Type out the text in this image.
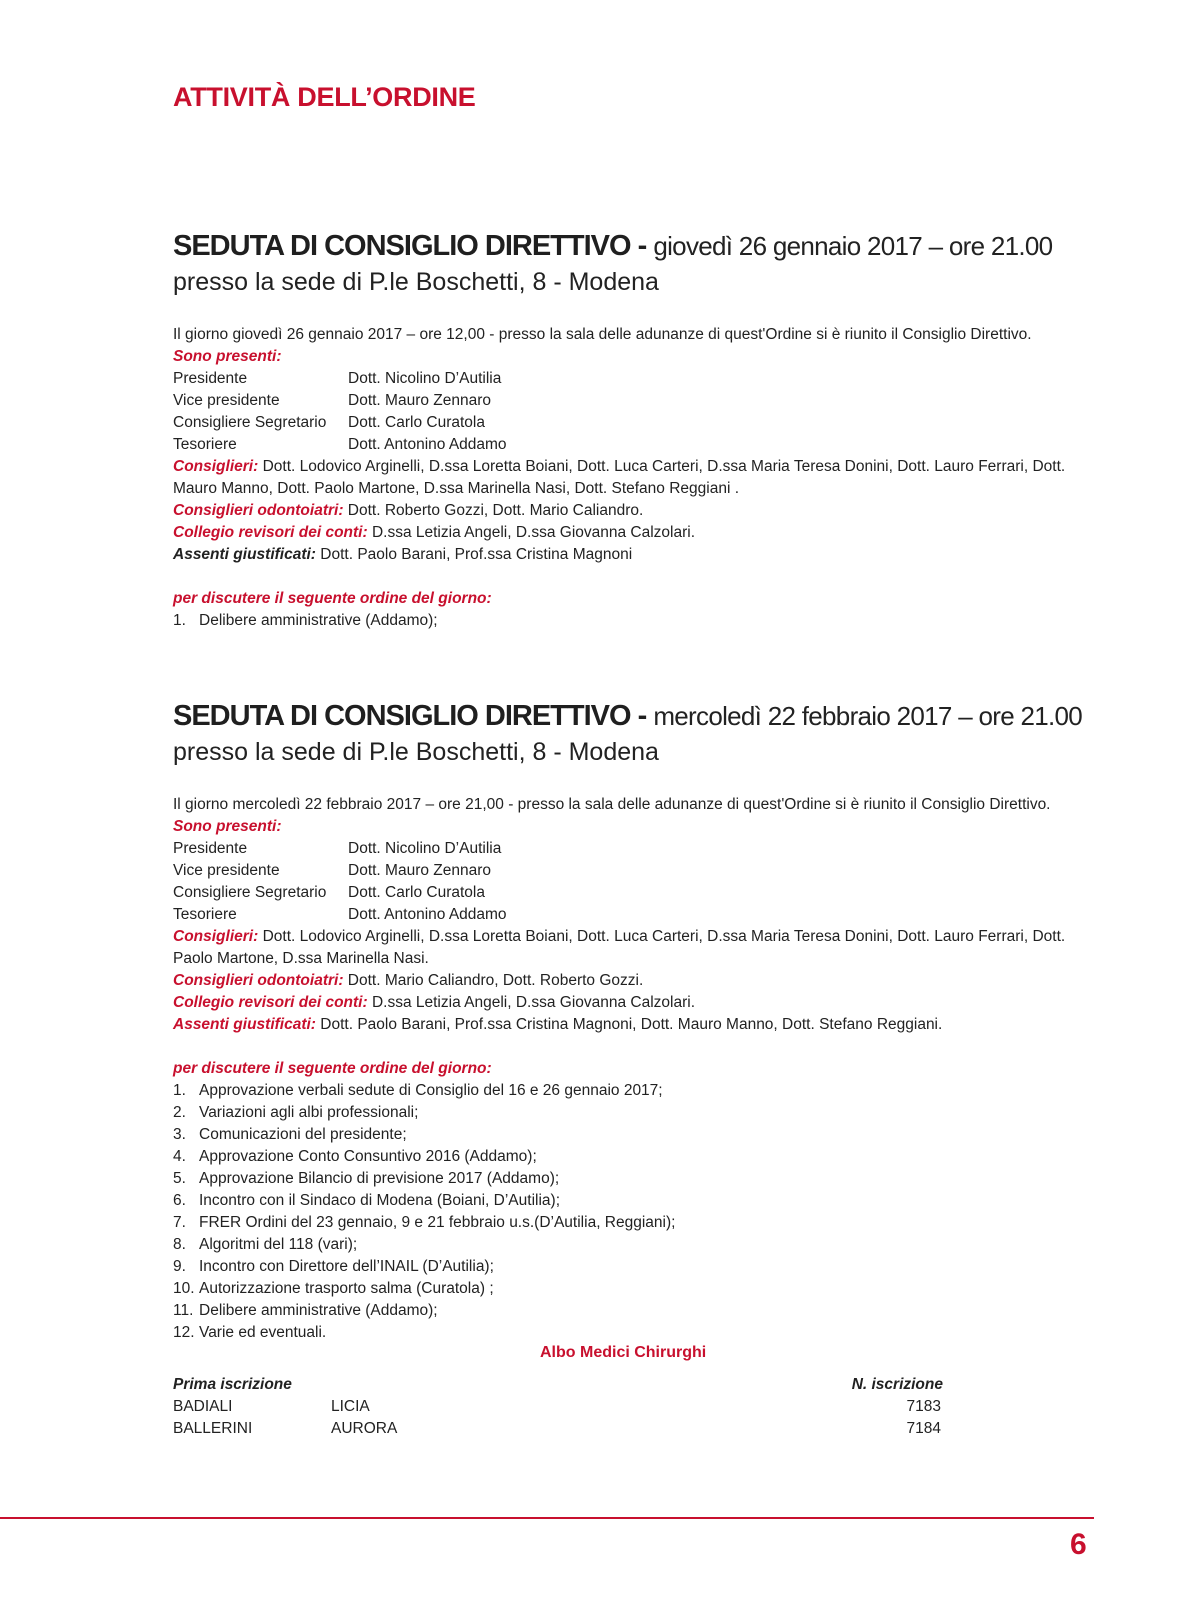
ATTIVITÀ DELL’ORDINE
SEDUTA DI CONSIGLIO DIRETTIVO - giovedì 26 gennaio 2017 – ore 21.00
presso la sede di P.le Boschetti, 8 - Modena
Il giorno giovedì 26 gennaio 2017 – ore 12,00 - presso la sala delle adunanze di quest'Ordine si è riunito il Consiglio Direttivo.
Sono presenti:
Presidente	Dott. Nicolino D’Autilia
Vice presidente	Dott. Mauro Zennaro
Consigliere Segretario	Dott. Carlo Curatola
Tesoriere	Dott. Antonino Addamo
Consiglieri: Dott. Lodovico Arginelli, D.ssa Loretta Boiani, Dott. Luca Carteri, D.ssa Maria Teresa Donini, Dott. Lauro Ferrari, Dott. Mauro Manno, Dott. Paolo Martone, D.ssa Marinella Nasi, Dott. Stefano Reggiani .
Consiglieri odontoiatri: Dott. Roberto Gozzi, Dott. Mario Caliandro.
Collegio revisori dei conti: D.ssa Letizia Angeli, D.ssa Giovanna Calzolari.
Assenti giustificati: Dott. Paolo Barani, Prof.ssa Cristina Magnoni
per discutere il seguente ordine del giorno:
1. Delibere amministrative (Addamo);
SEDUTA DI CONSIGLIO DIRETTIVO - mercoledì 22 febbraio 2017 – ore 21.00
presso la sede di P.le Boschetti, 8 - Modena
Il giorno mercoledì 22 febbraio 2017 – ore 21,00 - presso la sala delle adunanze di quest'Ordine si è riunito il Consiglio Direttivo.
Sono presenti:
Presidente	Dott. Nicolino D’Autilia
Vice presidente	Dott. Mauro Zennaro
Consigliere Segretario	Dott. Carlo Curatola
Tesoriere	Dott. Antonino Addamo
Consiglieri: Dott. Lodovico Arginelli, D.ssa Loretta Boiani, Dott. Luca Carteri, D.ssa Maria Teresa Donini, Dott. Lauro Ferrari, Dott. Paolo Martone, D.ssa Marinella Nasi.
Consiglieri odontoiatri: Dott. Mario Caliandro, Dott. Roberto Gozzi.
Collegio revisori dei conti: D.ssa Letizia Angeli, D.ssa Giovanna Calzolari.
Assenti giustificati: Dott. Paolo Barani, Prof.ssa Cristina Magnoni, Dott. Mauro Manno, Dott. Stefano Reggiani.
per discutere il seguente ordine del giorno:
1. Approvazione verbali sedute di Consiglio del 16 e 26 gennaio 2017;
2. Variazioni agli albi professionali;
3. Comunicazioni del presidente;
4. Approvazione Conto Consuntivo 2016 (Addamo);
5. Approvazione Bilancio di previsione 2017 (Addamo);
6. Incontro con il Sindaco di Modena (Boiani, D’Autilia);
7. FRER Ordini del 23 gennaio, 9 e 21 febbraio u.s.(D’Autilia, Reggiani);
8. Algoritmi del 118 (vari);
9. Incontro con Direttore dell’INAIL (D’Autilia);
10. Autorizzazione trasporto salma (Curatola) ;
11. Delibere amministrative (Addamo);
12. Varie ed eventuali.
Albo Medici Chirurghi
Prima iscrizione	N. iscrizione
BADIALI	LICIA	7183
BALLERINI	AURORA	7184
6
